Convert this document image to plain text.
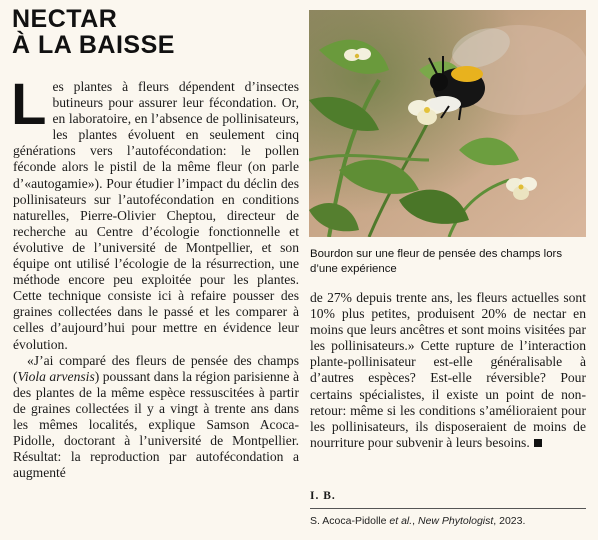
NECTAR
À LA BAISSE

Les plantes à fleurs dépendent d’insectes butineurs pour assurer leur fécondation. Or, en laboratoire, en l’absence de pollinisateurs, les plantes évoluent en seulement cinq générations vers l’autofécondation: le pollen féconde alors le pistil de la même fleur (on parle d’«autogamie»). Pour étudier l’impact du déclin des pollinisateurs sur l’autofécondation en conditions naturelles, Pierre-Olivier Cheptou, directeur de recherche au Centre d’écologie fonctionnelle et évolutive de l’université de Montpellier, et son équipe ont utilisé l’écologie de la résurrection, une méthode encore peu exploitée pour les plantes. Cette technique consiste ici à refaire pousser des graines collectées dans le passé et les comparer à celles d’aujourd’hui pour mettre en évidence leur évolution.

«J’ai comparé des fleurs de pensée des champs (Viola arvensis) poussant dans la région parisienne à des plantes de la même espèce ressuscitées à partir de graines collectées il y a vingt à trente ans dans les mêmes localités, explique Samson Acoca-Pidolle, doctorant à l’université de Montpellier. Résultat: la reproduction par autofécondation a augmenté

Bourdon sur une fleur de pensée des champs lors d’une expérience

de 27% depuis trente ans, les fleurs actuelles sont 10% plus petites, produisent 20% de nectar en moins que leurs ancêtres et sont moins visitées par les pollinisateurs.» Cette rupture de l’interaction plante-pollinisateur est-elle généralisable à d’autres espèces? Est-elle réversible? Pour certains spécialistes, il existe un point de non-retour: même si les conditions s’amélioraient pour les pollinisateurs, ils disposeraient de moins de nourriture pour subvenir à leurs besoins.

I. B.
S. Acoca-Pidolle et al., New Phytologist, 2023.
